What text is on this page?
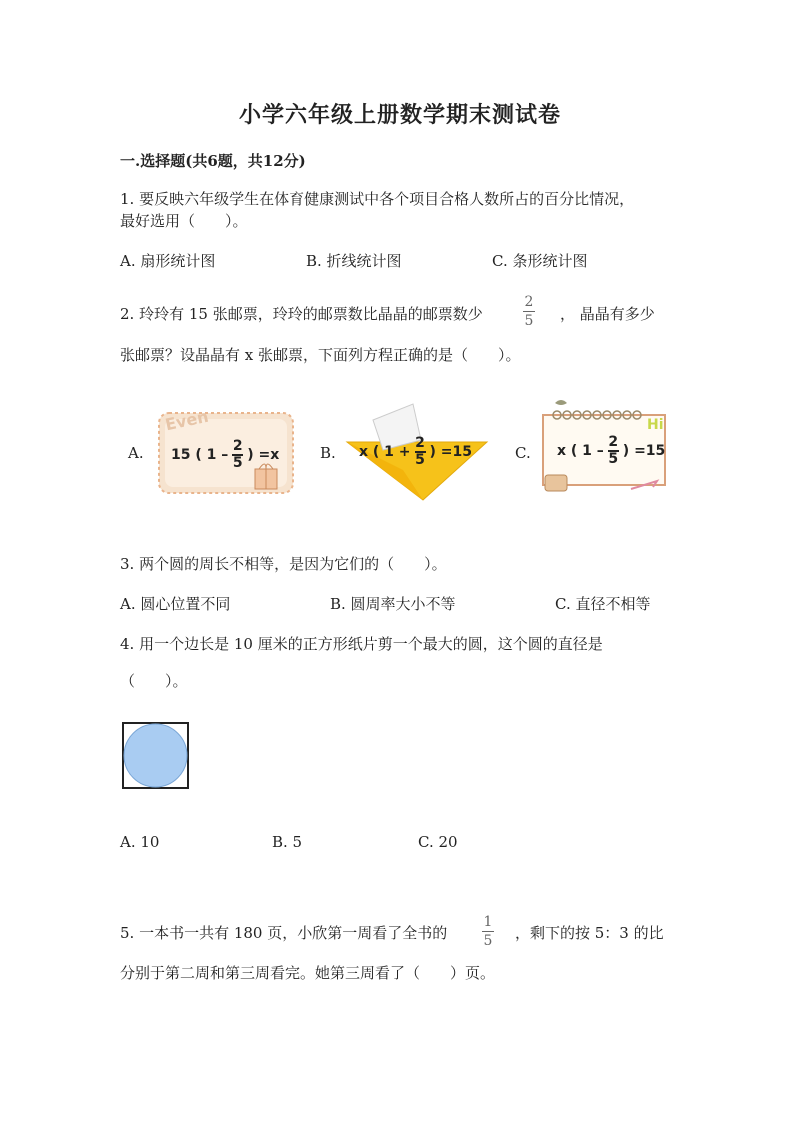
小学六年级上册数学期末测试卷
一.选择题(共6题，共12分)
1. 要反映六年级学生在体育健康测试中各个项目合格人数所占的百分比情况，
最好选用（　　）。
A. 扇形统计图	B. 折线统计图	C. 条形统计图
2. 玲玲有 15 张邮票，玲玲的邮票数比晶晶的邮票数少
2
5 ， 晶晶有多少
张邮票？设晶晶有 x 张邮票，下面列方程正确的是（　　）。
A.
Even
15 ( $1 - \frac{2}{5}$ ) =x	B. x ( $1 + \frac{2}{5}$ ) =15	C.
Hi
x ( $1 - \frac{2}{5}$ ) =15
3. 两个圆的周长不相等，是因为它们的（　　）。
A. 圆心位置不同	B. 圆周率大小不等	C. 直径不相等
4. 用一个边长是 10 厘米的正方形纸片剪一个最大的圆，这个圆的直径是
（　　）。
A. 10	B. 5	C. 20
5. 一本书一共有 180 页，小欣第一周看了全书的
1
5 ，剩下的按 5：3 的比
分别于第二周和第三周看完。她第三周看了（　　）页。
